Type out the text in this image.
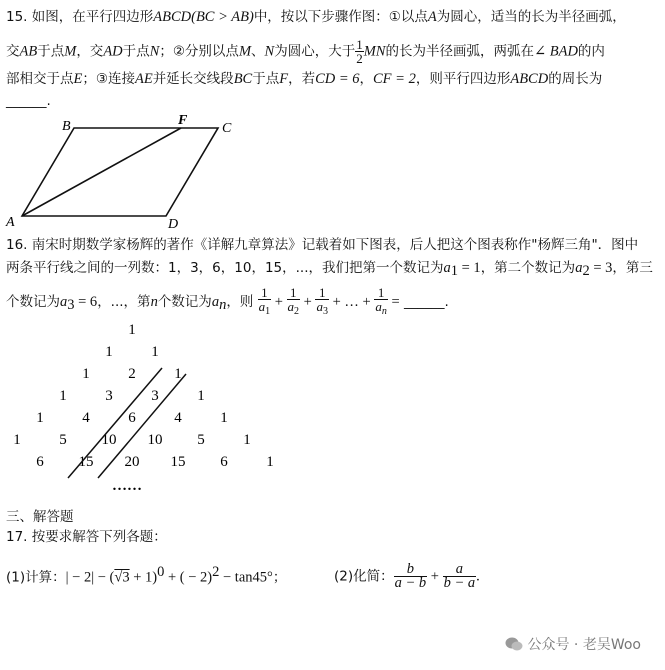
15. 如图，在平行四边形ABCD(BC > AB)中，按以下步骤作图：①以点A为圆心，适当的长为半径画弧，
交AB于点M，交AD于点N；②分别以点M、N为圆心，大于 $\frac{1}{2}$ MN的长为半径画弧，两弧在∠ BAD的内
部相交于点E；③连接AE并延长交线段BC于点F，若CD = 6，CF = 2，则平行四边形ABCD的周长为
______.
B	F
C
A	D
16. 南宋时期数学家杨辉的著作《详解九章算法》记载着如下图表，后人把这个图表称作"杨辉三角"．图中
两条平行线之间的一列数：1，3，6，10，15，...，我们把第一个数记为$a_1 = 1$，第二个数记为$a_2 = 3$，第三
个数记为$a_3 = 6$，...，第n个数记为$a_n$，则 $\frac{1}{a_1} + \frac{1}{a_2} + \frac{1}{a_3}$ + … + $\frac{1}{a_n}$ = ______.
1
1	1
1	2	1
1	3	3	1
1	4	6	4	1
1	5 10 10 5	1
6 15 20 15 6	1
……
三、解答题
17. 按要求解答下列各题：
(1)计算：| − $2| - (√3 + 1)^0$ + ( − 2)$^2$ − tan45°；	(2)化简： $\frac{b}{a - b} + \frac{a}{b - a}$ .
公众号 · 老吴Woo
